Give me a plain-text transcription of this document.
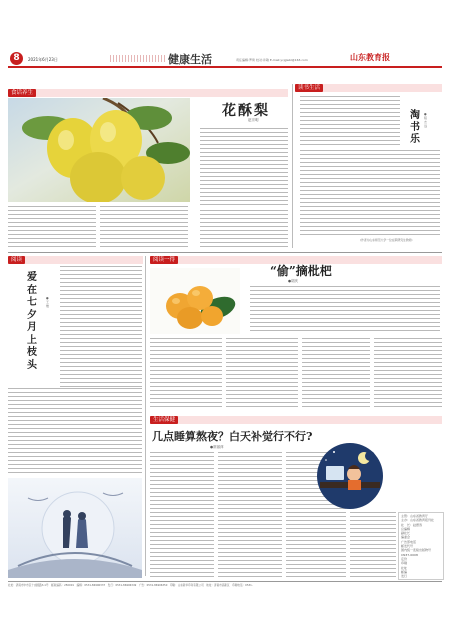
8	2021年6月23日	健康生活	责任编辑:罗琦 校对:许敏 E-mail:ycjgwbl@163.com	山东教育报
食话养生
花酥梨
赵宗明
读书生活
淘书乐
●程志远
(作者为山东师范大学一位在职研究生教师)
阅读
爱在七夕　月上枝头
●王维
阅读一得
“偷”摘枇杷
●胡庆
生活保健
几点睡算熬夜？白天补觉行不行?
●常丽萍
主管：山东省教育厅
主办：山东省教育报刊社
社　长：赵德涛
总编辑
副社长
编委会
广告部电话
邮发代号
国内统一连续出版物号
CN37-0008
定价
印刷
社址
邮编
发行
社址：济南市中市区十亩园路3-1号　邮政编码：250001　编辑：0531-86906337　发行：0531-86906349　广告：0531-86906350　印刷：山东新华印务有限公司　地址：济南市高新区　印刷电话：0531-
